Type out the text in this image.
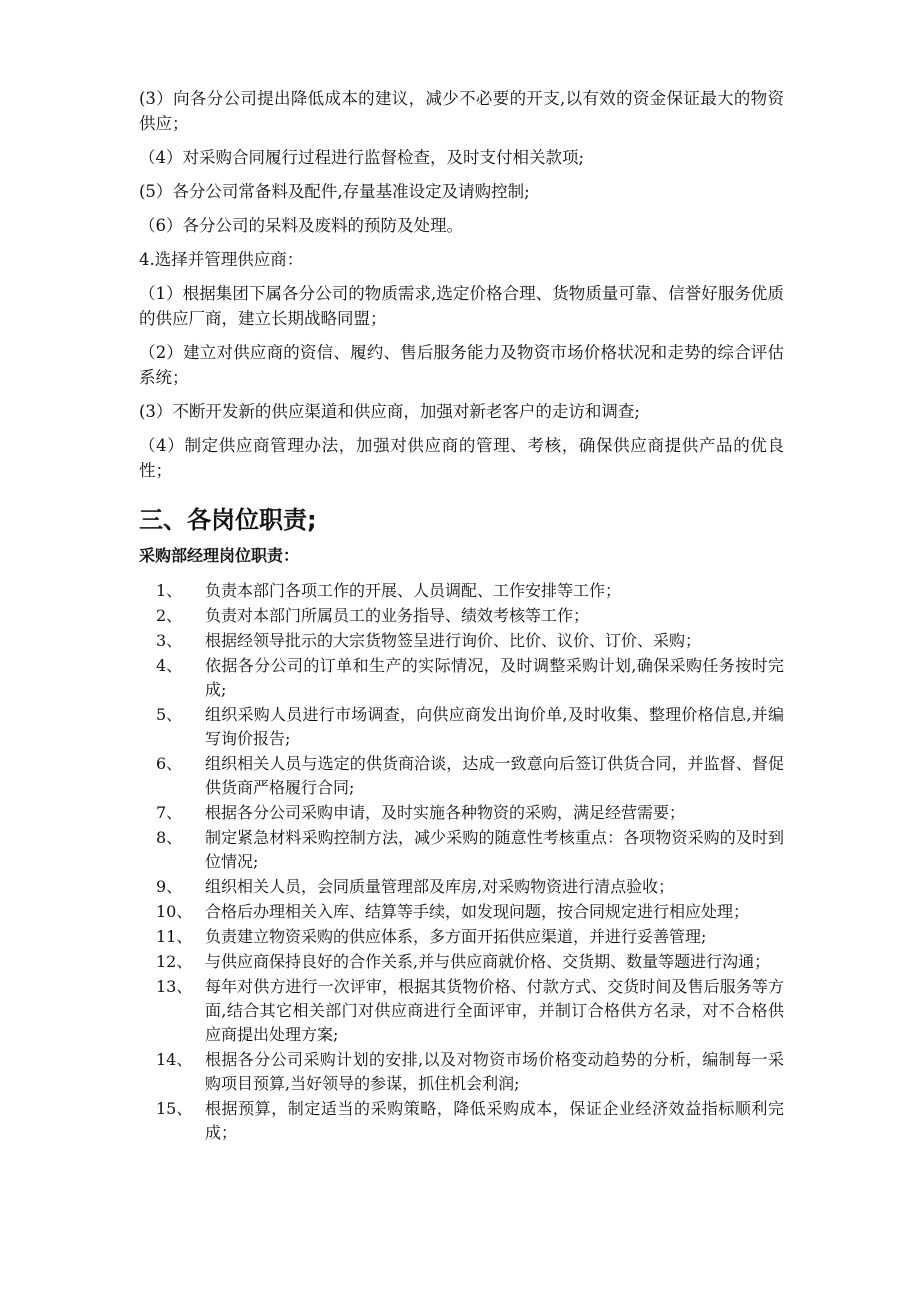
(3）向各分公司提出降低成本的建议，减少不必要的开支,以有效的资金保证最大的物资供应；

（4）对采购合同履行过程进行监督检查，及时支付相关款项;

(5）各分公司常备料及配件,存量基准设定及请购控制;

（6）各分公司的呆料及废料的预防及处理。

4.选择并管理供应商：

（1）根据集团下属各分公司的物质需求,选定价格合理、货物质量可靠、信誉好服务优质的供应厂商，建立长期战略同盟；

（2）建立对供应商的资信、履约、售后服务能力及物资市场价格状况和走势的综合评估系统；

(3）不断开发新的供应渠道和供应商，加强对新老客户的走访和调查;

（4）制定供应商管理办法，加强对供应商的管理、考核，确保供应商提供产品的优良性；

三、各岗位职责;
采购部经理岗位职责：
1、	负责本部门各项工作的开展、人员调配、工作安排等工作；
2、	负责对本部门所属员工的业务指导、绩效考核等工作；
3、	根据经领导批示的大宗货物签呈进行询价、比价、议价、订价、采购；
4、	依据各分公司的订单和生产的实际情况，及时调整采购计划,确保采购任务按时完成;
5、	组织采购人员进行市场调查，向供应商发出询价单,及时收集、整理价格信息,并编写询价报告;
6、	组织相关人员与选定的供货商洽谈，达成一致意向后签订供货合同，并监督、督促供货商严格履行合同;
7、	根据各分公司采购申请，及时实施各种物资的采购，满足经营需要；
8、	制定紧急材料采购控制方法，减少采购的随意性考核重点：各项物资采购的及时到位情况;
9、	组织相关人员，会同质量管理部及库房,对采购物资进行清点验收；
10、 合格后办理相关入库、结算等手续，如发现问题，按合同规定进行相应处理；
11、 负责建立物资采购的供应体系，多方面开拓供应渠道，并进行妥善管理;
12、 与供应商保持良好的合作关系,并与供应商就价格、交货期、数量等题进行沟通；
13、 每年对供方进行一次评审，根据其货物价格、付款方式、交货时间及售后服务等方面,结合其它相关部门对供应商进行全面评审，并制订合格供方名录，对不合格供应商提出处理方案;
14、 根据各分公司采购计划的安排,以及对物资市场价格变动趋势的分析，编制每一采购项目预算,当好领导的参谋，抓住机会利润;
15、 根据预算，制定适当的采购策略，降低采购成本，保证企业经济效益指标顺利完成；
